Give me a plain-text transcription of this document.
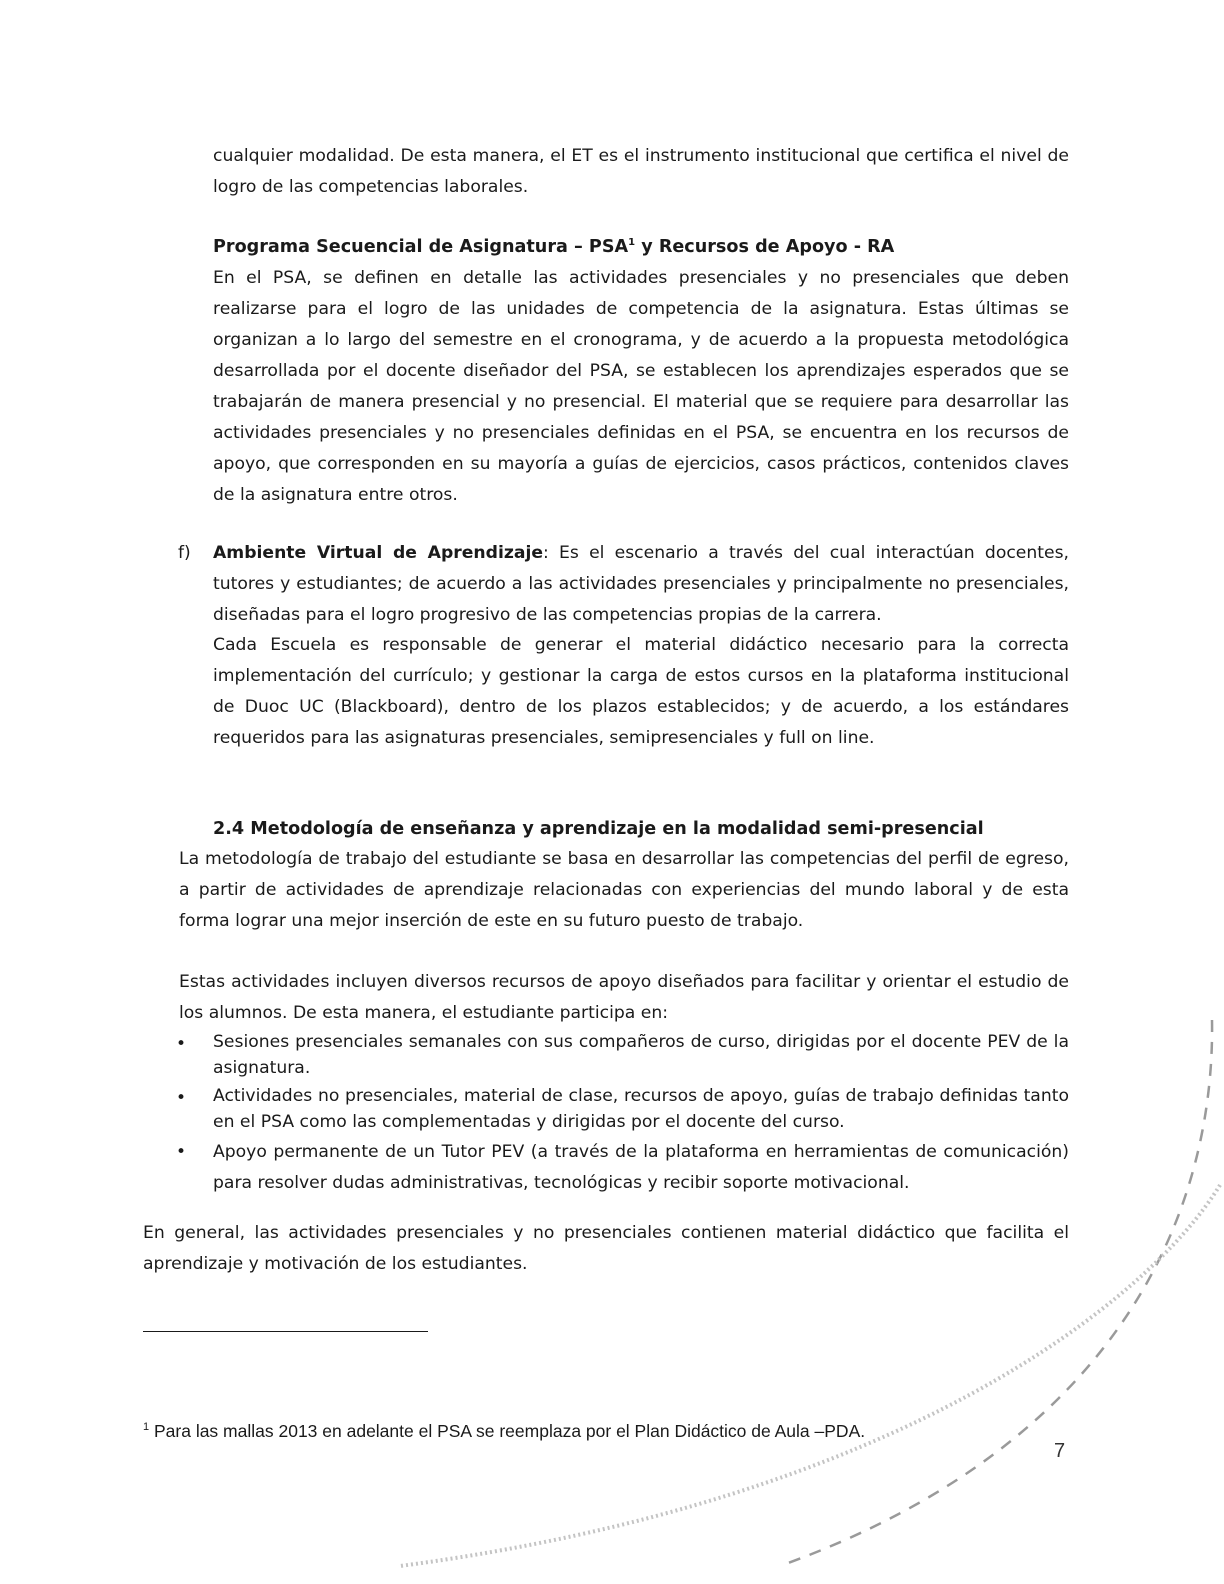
cualquier modalidad. De esta manera, el ET es el instrumento institucional que certifica el nivel de logro de las competencias laborales.

Programa Secuencial de Asignatura – PSA$^1$ y Recursos de Apoyo - RA

En el PSA, se definen en detalle las actividades presenciales y no presenciales que deben realizarse para el logro de las unidades de competencia de la asignatura. Estas últimas se organizan a lo largo del semestre en el cronograma, y de acuerdo a la propuesta metodológica desarrollada por el docente diseñador del PSA, se establecen los aprendizajes esperados que se trabajarán de manera presencial y no presencial. El material que se requiere para desarrollar las actividades presenciales y no presenciales definidas en el PSA, se encuentra en los recursos de apoyo, que corresponden en su mayoría a guías de ejercicios, casos prácticos, contenidos claves de la asignatura entre otros.

f) Ambiente Virtual de Aprendizaje: Es el escenario a través del cual interactúan docentes, tutores y estudiantes; de acuerdo a las actividades presenciales y principalmente no presenciales, diseñadas para el logro progresivo de las competencias propias de la carrera.

Cada Escuela es responsable de generar el material didáctico necesario para la correcta implementación del currículo; y gestionar la carga de estos cursos en la plataforma institucional de Duoc UC (Blackboard), dentro de los plazos establecidos; y de acuerdo, a los estándares requeridos para las asignaturas presenciales, semipresenciales y full on line.

2.4 Metodología de enseñanza y aprendizaje en la modalidad semi-presencial

La metodología de trabajo del estudiante se basa en desarrollar las competencias del perfil de egreso, a partir de actividades de aprendizaje relacionadas con experiencias del mundo laboral y de esta forma lograr una mejor inserción de este en su futuro puesto de trabajo.

Estas actividades incluyen diversos recursos de apoyo diseñados para facilitar y orientar el estudio de los alumnos. De esta manera, el estudiante participa en:

• Sesiones presenciales semanales con sus compañeros de curso, dirigidas por el docente PEV de la asignatura.

• Actividades no presenciales, material de clase, recursos de apoyo, guías de trabajo definidas tanto en el PSA como las complementadas y dirigidas por el docente del curso.

• Apoyo permanente de un Tutor PEV (a través de la plataforma en herramientas de comunicación) para resolver dudas administrativas, tecnológicas y recibir soporte motivacional.

En general, las actividades presenciales y no presenciales contienen material didáctico que facilita el aprendizaje y motivación de los estudiantes.

$^1$ Para las mallas 2013 en adelante el PSA se reemplaza por el Plan Didáctico de Aula –PDA.

7
